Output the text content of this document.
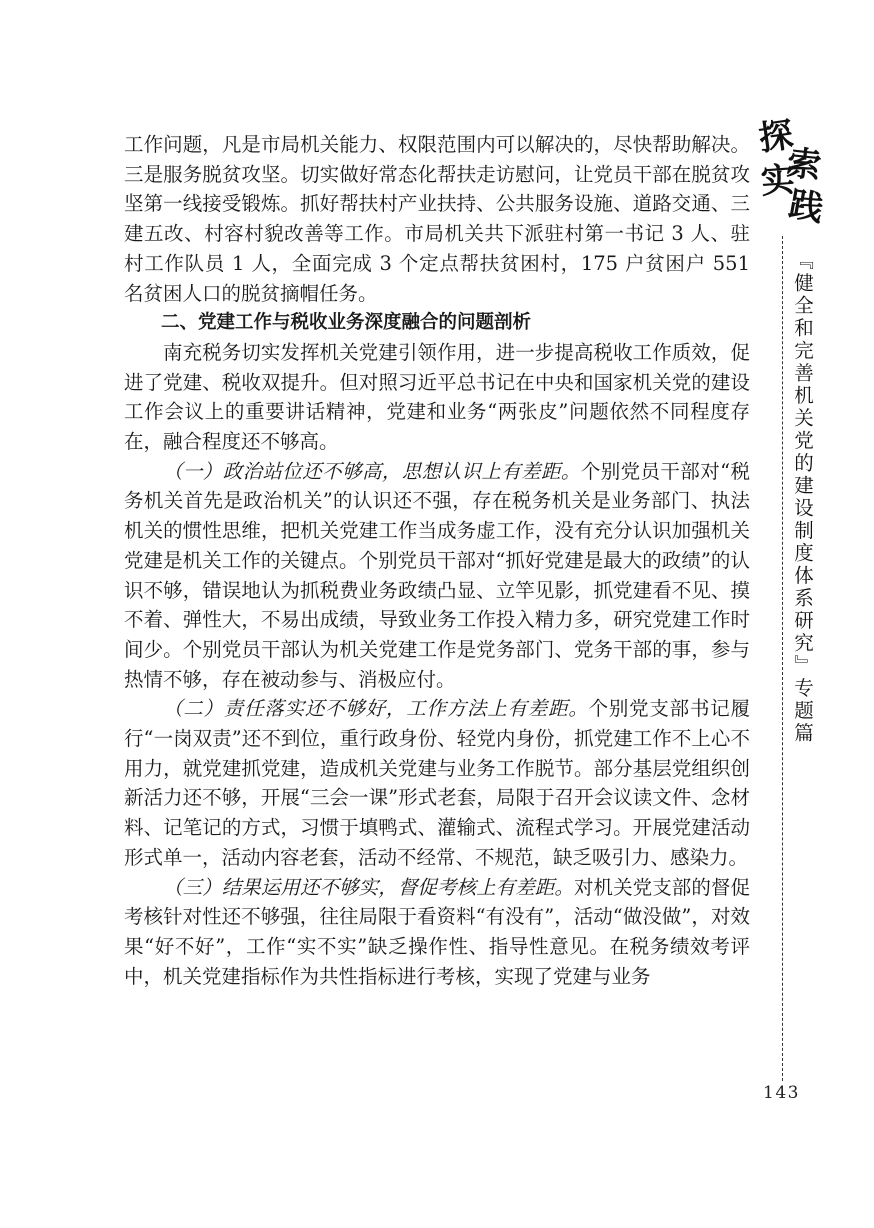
工作问题，凡是市局机关能力、权限范围内可以解决的，尽快帮助解决。三是服务脱贫攻坚。切实做好常态化帮扶走访慰问，让党员干部在脱贫攻坚第一线接受锻炼。抓好帮扶村产业扶持、公共服务设施、道路交通、三建五改、村容村貌改善等工作。市局机关共下派驻村第一书记 3 人、驻村工作队员 1 人，全面完成 3 个定点帮扶贫困村，175 户贫困户 551 名贫困人口的脱贫摘帽任务。

二、党建工作与税收业务深度融合的问题剖析

南充税务切实发挥机关党建引领作用，进一步提高税收工作质效，促进了党建、税收双提升。但对照习近平总书记在中央和国家机关党的建设工作会议上的重要讲话精神，党建和业务“两张皮”问题依然不同程度存在，融合程度还不够高。

（一）政治站位还不够高，思想认识上有差距。个别党员干部对“税务机关首先是政治机关”的认识还不强，存在税务机关是业务部门、执法机关的惯性思维，把机关党建工作当成务虚工作，没有充分认识加强机关党建是机关工作的关键点。个别党员干部对“抓好党建是最大的政绩”的认识不够，错误地认为抓税费业务政绩凸显、立竿见影，抓党建看不见、摸不着、弹性大，不易出成绩，导致业务工作投入精力多，研究党建工作时间少。个别党员干部认为机关党建工作是党务部门、党务干部的事，参与热情不够，存在被动参与、消极应付。

（二）责任落实还不够好，工作方法上有差距。个别党支部书记履行“一岗双责”还不到位，重行政身份、轻党内身份，抓党建工作不上心不用力，就党建抓党建，造成机关党建与业务工作脱节。部分基层党组织创新活力还不够，开展“三会一课”形式老套，局限于召开会议读文件、念材料、记笔记的方式，习惯于填鸭式、灌输式、流程式学习。开展党建活动形式单一，活动内容老套，活动不经常、不规范，缺乏吸引力、感染力。

（三）结果运用还不够实，督促考核上有差距。对机关党支部的督促考核针对性还不够强，往往局限于看资料“有没有”，活动“做没做”，对效果“好不好”，工作“实不实”缺乏操作性、指导性意见。在税务绩效考评中，机关党建指标作为共性指标进行考核，实现了党建与业务

探
索
实
践
『健全和完善机关党的建设制度体系研究』专题篇
143
